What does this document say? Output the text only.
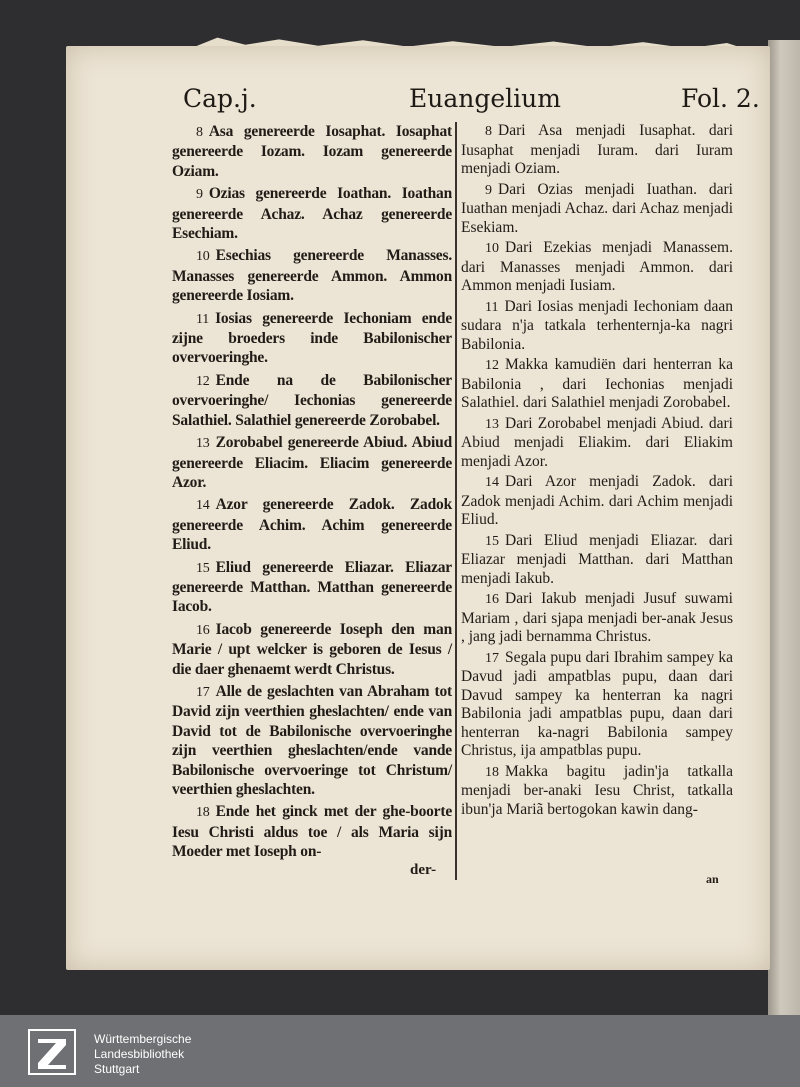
Cap.j.	Euangelium	Fol. 2.

8 Asa genereerde Iosaphat. Iosaphat genereerde Iozam. Iozam genereerde Oziam.

9 Ozias genereerde Ioathan. Ioathan genereerde Achaz. Achaz genereerde Esechiam.

10 Esechias genereerde Manasses. Manasses genereerde Ammon. Ammon genereerde Iosiam.

11 Iosias genereerde Iechoniam ende zijne broeders inde Babilonischer overvoeringhe.

12 Ende na de Babilonischer overvoeringhe/ Iechonias genereerde Salathiel. Salathiel genereerde Zorobabel.

13 Zorobabel genereerde Abiud. Abiud genereerde Eliacim. Eliacim genereerde Azor.

14 Azor genereerde Zadok. Zadok genereerde Achim. Achim genereerde Eliud.

15 Eliud genereerde Eliazar. Eliazar genereerde Matthan. Matthan genereerde Iacob.

16 Iacob genereerde Ioseph den man Marie / upt welcker is geboren de Iesus / die daer ghenaemt werdt Christus.

17 Alle de geslachten van Abraham tot David zijn veerthien gheslachten/ ende van David tot de Babilonische overvoeringhe zijn veerthien gheslachten/ende vande Babilonische overvoeringe tot Christum/ veerthien gheslachten.

18 Ende het ginck met der ghe-boorte Iesu Christi aldus toe / als Maria sijn Moeder met Ioseph on-

8 Dari Asa menjadi Iusaphat. dari Iusaphat menjadi Iuram. dari Iuram menjadi Oziam.

9 Dari Ozias menjadi Iuathan. dari Iuathan menjadi Achaz. dari Achaz menjadi Esekiam.

10 Dari Ezekias menjadi Manassem. dari Manasses menjadi Ammon. dari Ammon menjadi Iusiam.

11 Dari Iosias menjadi Iechoniam daan sudara n'ja tatkala terhenternja-ka nagri Babilonia.

12 Makka kamudiën dari henterran ka Babilonia , dari Iechonias menjadi Salathiel. dari Salathiel menjadi Zorobabel.

13 Dari Zorobabel menjadi Abiud. dari Abiud menjadi Eliakim. dari Eliakim menjadi Azor.

14 Dari Azor menjadi Zadok. dari Zadok menjadi Achim. dari Achim menjadi Eliud.

15 Dari Eliud menjadi Eliazar. dari Eliazar menjadi Matthan. dari Matthan menjadi Iakub.

16 Dari Iakub menjadi Jusuf suwami Mariam , dari sjapa menjadi ber-anak Jesus , jang jadi bernamma Christus.

17 Segala pupu dari Ibrahim sampey ka Davud jadi ampatblas pupu, daan dari Davud sampey ka henterran ka nagri Babilonia jadi ampatblas pupu, daan dari henterran ka-nagri Babilonia sampey Christus, ija ampatblas pupu.

18 Makka bagitu jadin'ja tatkalla menjadi ber-anaki Iesu Christ, tatkalla ibun'ja Mariã bertogokan kawin dang-

der-
an
Württembergische
Landesbibliothek
Stuttgart
